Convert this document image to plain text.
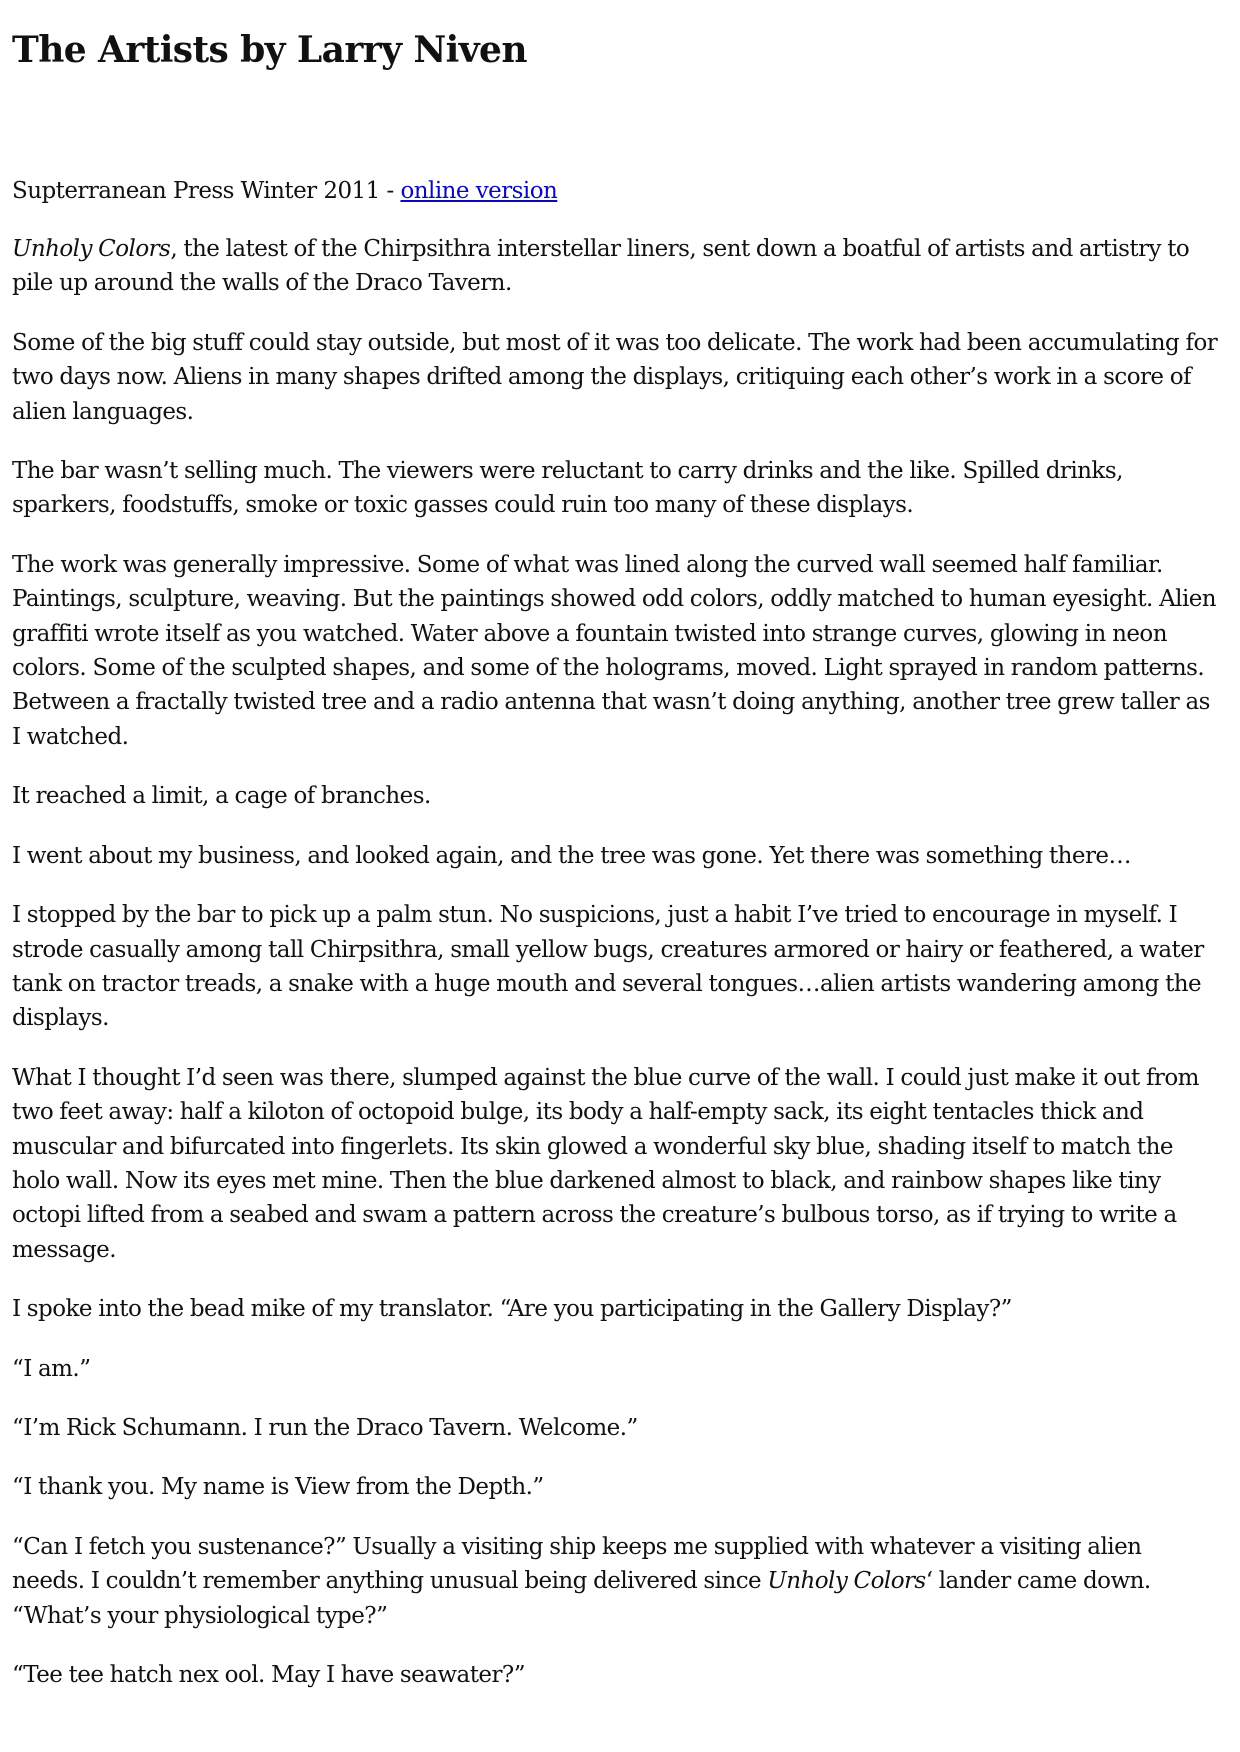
The Artists by Larry Niven
Supterranean Press Winter 2011 - online version

Unholy Colors, the latest of the Chirpsithra interstellar liners, sent down a boatful of artists and artistry to pile up around the walls of the Draco Tavern.

Some of the big stuff could stay outside, but most of it was too delicate. The work had been accumulating for two days now. Aliens in many shapes drifted among the displays, critiquing each other’s work in a score of alien languages.

The bar wasn’t selling much. The viewers were reluctant to carry drinks and the like. Spilled drinks, sparkers, foodstuffs, smoke or toxic gasses could ruin too many of these displays.

The work was generally impressive. Some of what was lined along the curved wall seemed half familiar. Paintings, sculpture, weaving. But the paintings showed odd colors, oddly matched to human eyesight. Alien graffiti wrote itself as you watched. Water above a fountain twisted into strange curves, glowing in neon colors. Some of the sculpted shapes, and some of the holograms, moved. Light sprayed in random patterns. Between a fractally twisted tree and a radio antenna that wasn’t doing anything, another tree grew taller as I watched.

It reached a limit, a cage of branches.

I went about my business, and looked again, and the tree was gone. Yet there was something there…

I stopped by the bar to pick up a palm stun. No suspicions, just a habit I’ve tried to encourage in myself. I strode casually among tall Chirpsithra, small yellow bugs, creatures armored or hairy or feathered, a water tank on tractor treads, a snake with a huge mouth and several tongues…alien artists wandering among the displays.

What I thought I’d seen was there, slumped against the blue curve of the wall. I could just make it out from two feet away: half a kiloton of octopoid bulge, its body a half-empty sack, its eight tentacles thick and muscular and bifurcated into fingerlets. Its skin glowed a wonderful sky blue, shading itself to match the holo wall. Now its eyes met mine. Then the blue darkened almost to black, and rainbow shapes like tiny octopi lifted from a seabed and swam a pattern across the creature’s bulbous torso, as if trying to write a message.

I spoke into the bead mike of my translator. “Are you participating in the Gallery Display?”

“I am.”

“I’m Rick Schumann. I run the Draco Tavern. Welcome.”

“I thank you. My name is View from the Depth.”

“Can I fetch you sustenance?” Usually a visiting ship keeps me supplied with whatever a visiting alien needs. I couldn’t remember anything unusual being delivered since Unholy Colors‘ lander came down. “What’s your physiological type?”

“Tee tee hatch nex ool. May I have seawater?”
